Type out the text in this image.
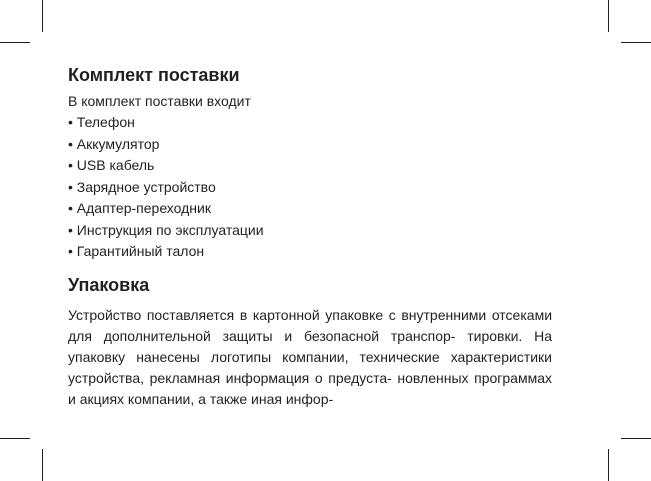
Комплект поставки

В комплект поставки входит

• Телефон
• Аккумулятор
• USB кабель
• Зарядное устройство
• Адаптер-переходник
• Инструкция по эксплуатации
• Гарантийный талон
Упаковка

Устройство поставляется в картонной упаковке с внутренними отсеками для дополнительной защиты и безопасной транспор- тировки. На упаковку нанесены логотипы компании, технические характеристики устройства, рекламная информация о предуста- новленных программах и акциях компании, а также иная инфор-
